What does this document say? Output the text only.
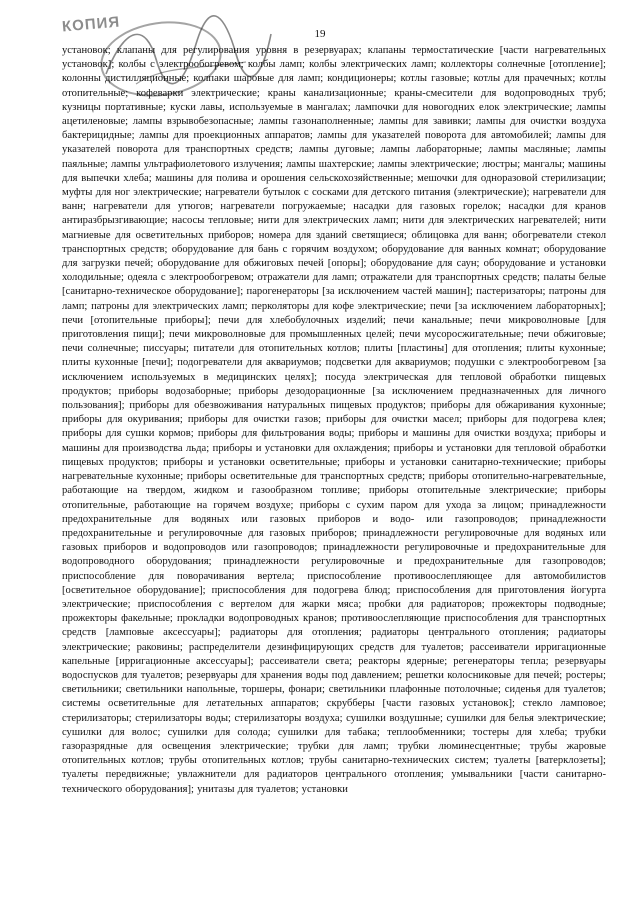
КОПИЯ	19

установок; клапаны для регулирования уровня в резервуарах; клапаны термостатические [части нагревательных установок]; колбы с электрообогревом; колбы ламп; колбы электрических ламп; коллекторы солнечные [отопление]; колонны дистилляционные; колпаки шаровые для ламп; кондиционеры; котлы газовые; котлы для прачечных; котлы отопительные; кофеварки электрические; краны канализационные; краны-смесители для водопроводных труб; кузницы портативные; куски лавы, используемые в мангалах; лампочки для новогодних елок электрические; лампы ацетиленовые; лампы взрывобезопасные; лампы газонаполненные; лампы для завивки; лампы для очистки воздуха бактерицидные; лампы для проекционных аппаратов; лампы для указателей поворота для автомобилей; лампы для указателей поворота для транспортных средств; лампы дуговые; лампы лабораторные; лампы масляные; лампы паяльные; лампы ультрафиолетового излучения; лампы шахтерские; лампы электрические; люстры; мангалы; машины для выпечки хлеба; машины для полива и орошения сельскохозяйственные; мешочки для одноразовой стерилизации; муфты для ног электрические; нагреватели бутылок с сосками для детского питания (электрические); нагреватели для ванн; нагреватели для утюгов; нагреватели погружаемые; насадки для газовых горелок; насадки для кранов антиразбрызгивающие; насосы тепловые; нити для электрических ламп; нити для электрических нагревателей; нити магниевые для осветительных приборов; номера для зданий светящиеся; облицовка для ванн; обогреватели стекол транспортных средств; оборудование для бань с горячим воздухом; оборудование для ванных комнат; оборудование для загрузки печей; оборудование для обжиговых печей [опоры]; оборудование для саун; оборудование и установки холодильные; одеяла с электрообогревом; отражатели для ламп; отражатели для транспортных средств; палаты белые [санитарно-техническое оборудование]; парогенераторы [за исключением частей машин]; пастеризаторы; патроны для ламп; патроны для электрических ламп; перколяторы для кофе электрические; печи [за исключением лабораторных]; печи [отопительные приборы]; печи для хлебобулочных изделий; печи канальные; печи микроволновые [для приготовления пищи]; печи микроволновые для промышленных целей; печи мусоросжигательные; печи обжиговые; печи солнечные; писсуары; питатели для отопительных котлов; плиты [пластины] для отопления; плиты кухонные; плиты кухонные [печи]; подогреватели для аквариумов; подсветки для аквариумов; подушки с электрообогревом [за исключением используемых в медицинских целях]; посуда электрическая для тепловой обработки пищевых продуктов; приборы водозаборные; приборы дезодорационные [за исключением предназначенных для личного пользования]; приборы для обезвоживания натуральных пищевых продуктов; приборы для обжаривания кухонные; приборы для окуривания; приборы для очистки газов; приборы для очистки масел; приборы для подогрева клея; приборы для сушки кормов; приборы для фильтрования воды; приборы и машины для очистки воздуха; приборы и машины для производства льда; приборы и установки для охлаждения; приборы и установки для тепловой обработки пищевых продуктов; приборы и установки осветительные; приборы и установки санитарно-технические; приборы нагревательные кухонные; приборы осветительные для транспортных средств; приборы отопительно-нагревательные, работающие на твердом, жидком и газообразном топливе; приборы отопительные электрические; приборы отопительные, работающие на горячем воздухе; приборы с сухим паром для ухода за лицом; принадлежности предохранительные для водяных или газовых приборов и водо- или газопроводов; принадлежности предохранительные и регулировочные для газовых приборов; принадлежности регулировочные для водяных или газовых приборов и водопроводов или газопроводов; принадлежности регулировочные и предохранительные для водопроводного оборудования; принадлежности регулировочные и предохранительные для газопроводов; приспособление для поворачивания вертела; приспособление противоослепляющее для автомобилистов [осветительное оборудование]; приспособления для подогрева блюд; приспособления для приготовления йогурта электрические; приспособления с вертелом для жарки мяса; пробки для радиаторов; прожекторы подводные; прожекторы факельные; прокладки водопроводных кранов; противоослепляющие приспособления для транспортных средств [ламповые аксессуары]; радиаторы для отопления; радиаторы центрального отопления; радиаторы электрические; раковины; распределители дезинфицирующих средств для туалетов; рассеиватели ирригационные капельные [ирригационные аксессуары]; рассеиватели света; реакторы ядерные; регенераторы тепла; резервуары водоспусков для туалетов; резервуары для хранения воды под давлением; решетки колосниковые для печей; ростеры; светильники; светильники напольные, торшеры, фонари; светильники плафонные потолочные; сиденья для туалетов; системы осветительные для летательных аппаратов; скрубберы [части газовых установок]; стекло ламповое; стерилизаторы; стерилизаторы воды; стерилизаторы воздуха; сушилки воздушные; сушилки для белья электрические; сушилки для волос; сушилки для солода; сушилки для табака; теплообменники; тостеры для хлеба; трубки газоразрядные для освещения электрические; трубки для ламп; трубки люминесцентные; трубы жаровые отопительных котлов; трубы отопительных котлов; трубы санитарно-технических систем; туалеты [ватерклозеты]; туалеты передвижные; увлажнители для радиаторов центрального отопления; умывальники [части санитарно-технического оборудования]; унитазы для туалетов; установки
